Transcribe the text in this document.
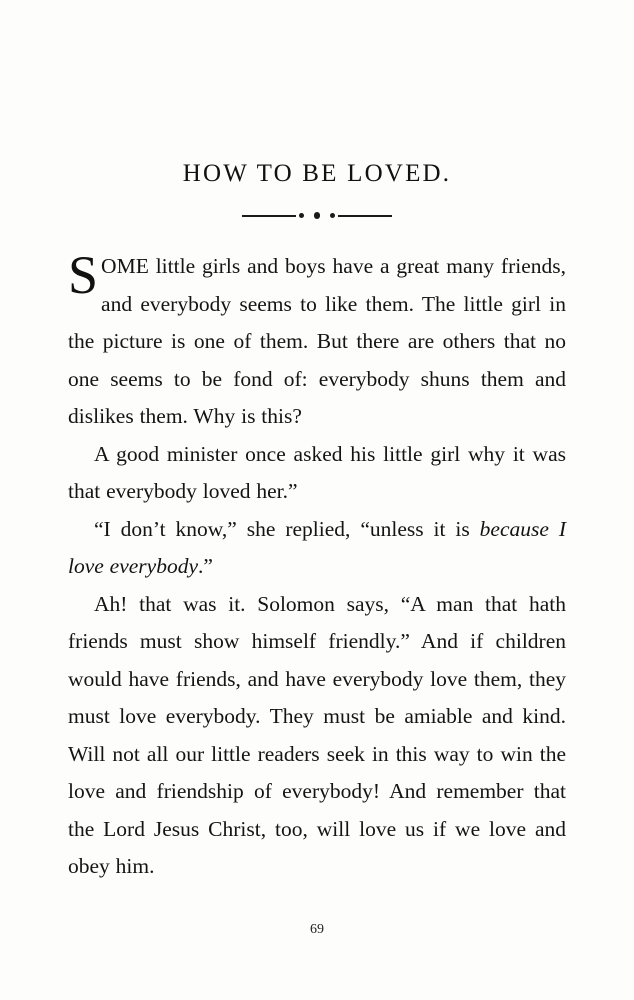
HOW TO BE LOVED.

SOME little girls and boys have a great many friends, and everybody seems to like them. The little girl in the picture is one of them. But there are others that no one seems to be fond of: everybody shuns them and dislikes them. Why is this?

A good minister once asked his little girl why it was that everybody loved her.”

“I don’t know,” she replied, “unless it is because I love everybody.”

Ah! that was it. Solomon says, “A man that hath friends must show himself friendly.” And if children would have friends, and have everybody love them, they must love everybody. They must be amiable and kind. Will not all our little readers seek in this way to win the love and friendship of everybody! And remember that the Lord Jesus Christ, too, will love us if we love and obey him.

69
